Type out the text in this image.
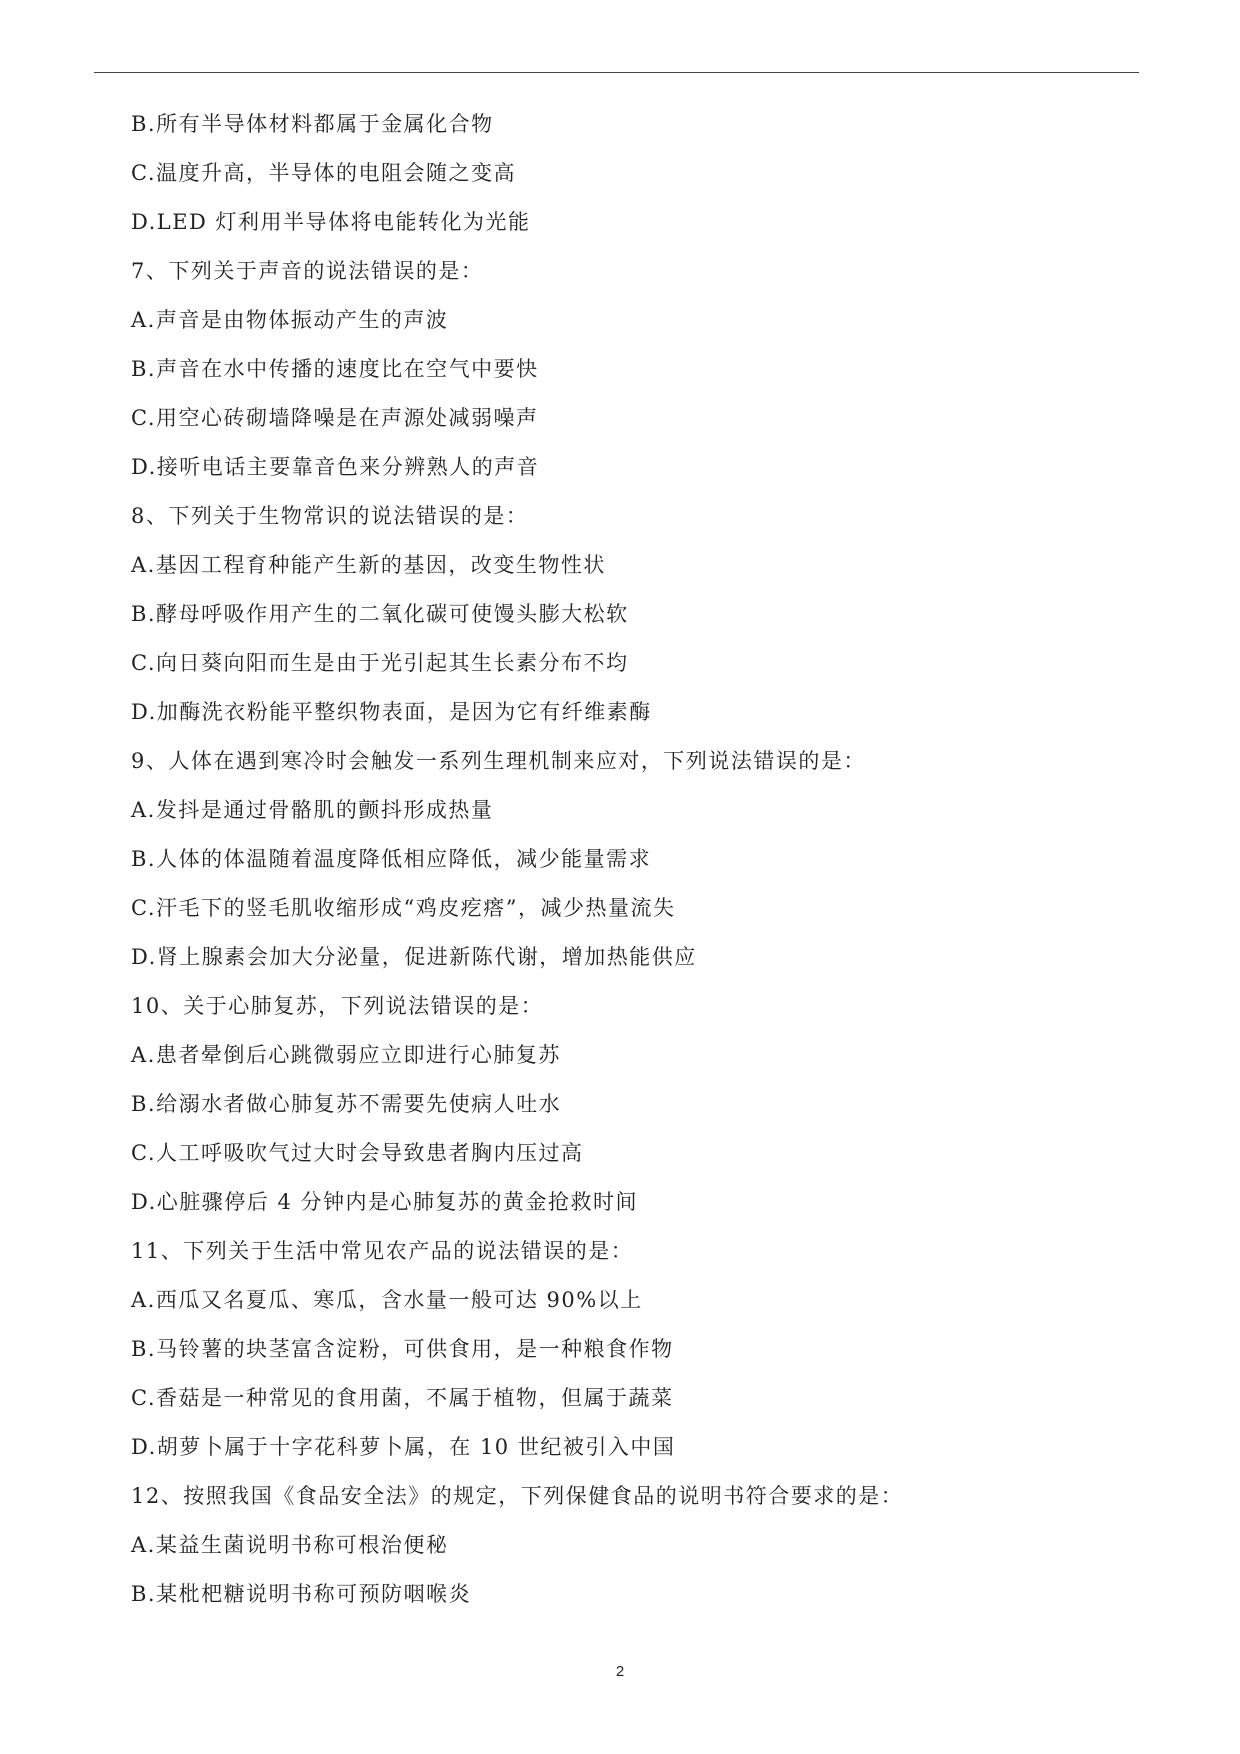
B.所有半导体材料都属于金属化合物
C.温度升高，半导体的电阻会随之变高
D.LED 灯利用半导体将电能转化为光能
7、下列关于声音的说法错误的是：
A.声音是由物体振动产生的声波
B.声音在水中传播的速度比在空气中要快
C.用空心砖砌墙降噪是在声源处减弱噪声
D.接听电话主要靠音色来分辨熟人的声音
8、下列关于生物常识的说法错误的是：
A.基因工程育种能产生新的基因，改变生物性状
B.酵母呼吸作用产生的二氧化碳可使馒头膨大松软
C.向日葵向阳而生是由于光引起其生长素分布不均
D.加酶洗衣粉能平整织物表面，是因为它有纤维素酶
9、人体在遇到寒冷时会触发一系列生理机制来应对，下列说法错误的是：
A.发抖是通过骨骼肌的颤抖形成热量
B.人体的体温随着温度降低相应降低，减少能量需求
C.汗毛下的竖毛肌收缩形成“鸡皮疙瘩”，减少热量流失
D.肾上腺素会加大分泌量，促进新陈代谢，增加热能供应
10、关于心肺复苏，下列说法错误的是：
A.患者晕倒后心跳微弱应立即进行心肺复苏
B.给溺水者做心肺复苏不需要先使病人吐水
C.人工呼吸吹气过大时会导致患者胸内压过高
D.心脏骤停后 4 分钟内是心肺复苏的黄金抢救时间
11、下列关于生活中常见农产品的说法错误的是：
A.西瓜又名夏瓜、寒瓜，含水量一般可达 90%以上
B.马铃薯的块茎富含淀粉，可供食用，是一种粮食作物
C.香菇是一种常见的食用菌，不属于植物，但属于蔬菜
D.胡萝卜属于十字花科萝卜属，在 10 世纪被引入中国
12、按照我国《食品安全法》的规定，下列保健食品的说明书符合要求的是：
A.某益生菌说明书称可根治便秘
B.某枇杷糖说明书称可预防咽喉炎
2
